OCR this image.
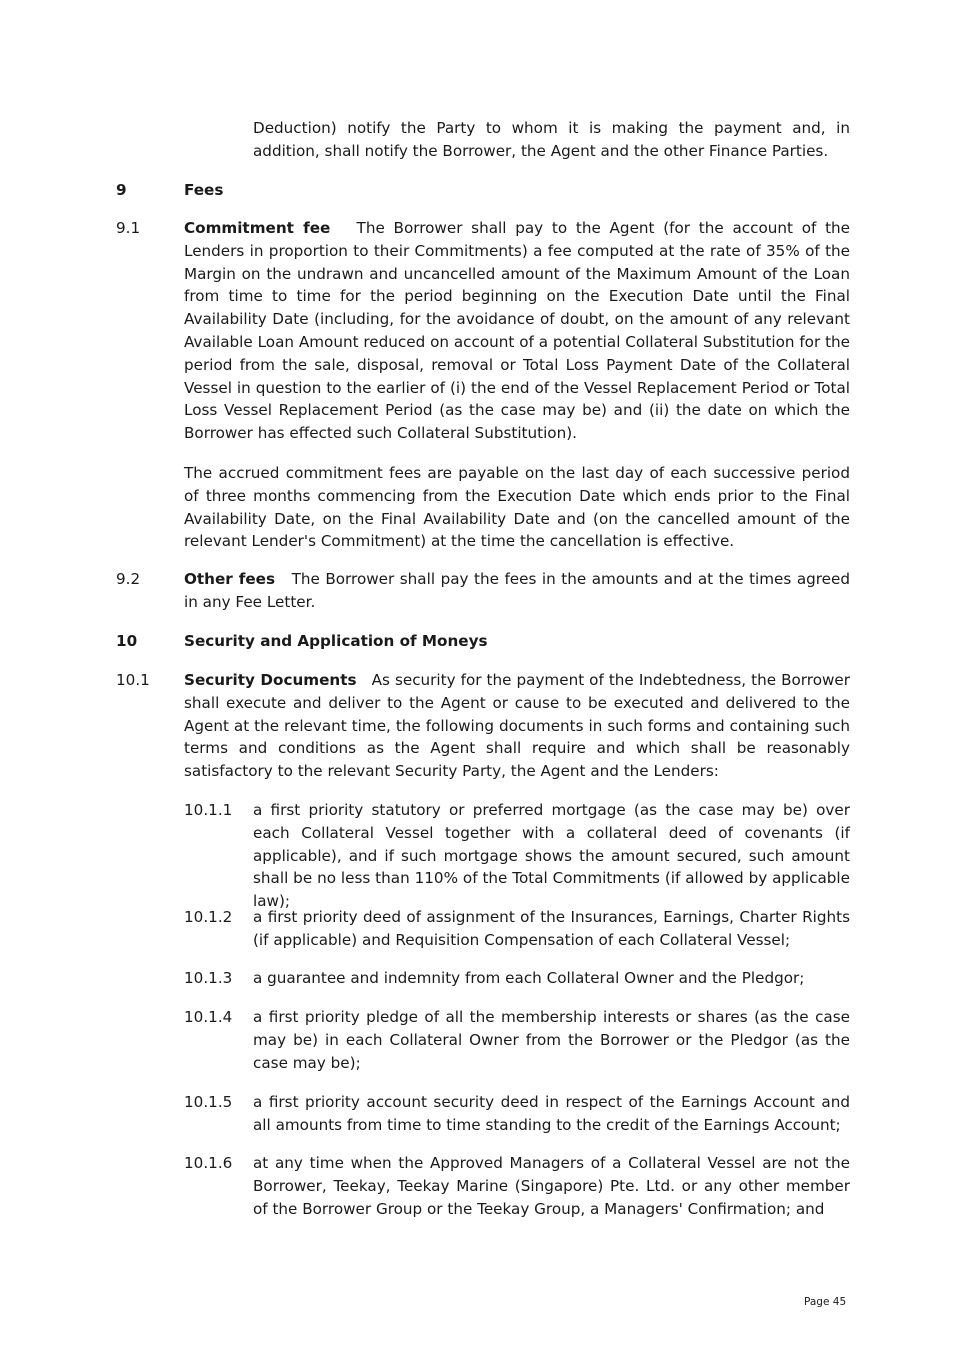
Deduction) notify the Party to whom it is making the payment and, in addition, shall notify the Borrower, the Agent and the other Finance Parties.

9	Fees
9.1	Commitment fee The Borrower shall pay to the Agent (for the account of the Lenders in proportion to their Commitments) a fee computed at the rate of 35% of the Margin on the undrawn and uncancelled amount of the Maximum Amount of the Loan from time to time for the period beginning on the Execution Date until the Final Availability Date (including, for the avoidance of doubt, on the amount of any relevant Available Loan Amount reduced on account of a potential Collateral Substitution for the period from the sale, disposal, removal or Total Loss Payment Date of the Collateral Vessel in question to the earlier of (i) the end of the Vessel Replacement Period or Total Loss Vessel Replacement Period (as the case may be) and (ii) the date on which the Borrower has effected such Collateral Substitution).

The accrued commitment fees are payable on the last day of each successive period of three months commencing from the Execution Date which ends prior to the Final Availability Date, on the Final Availability Date and (on the cancelled amount of the relevant Lender's Commitment) at the time the cancellation is effective.

9.2	Other fees The Borrower shall pay the fees in the amounts and at the times agreed in any Fee Letter.

10	Security and Application of Moneys
10.1 Security Documents As security for the payment of the Indebtedness, the Borrower shall execute and deliver to the Agent or cause to be executed and delivered to the Agent at the relevant time, the following documents in such forms and containing such terms and conditions as the Agent shall require and which shall be reasonably satisfactory to the relevant Security Party, the Agent and the Lenders:

10.1.1 a first priority statutory or preferred mortgage (as the case may be) over each Collateral Vessel together with a collateral deed of covenants (if applicable), and if such mortgage shows the amount secured, such amount shall be no less than 110% of the Total Commitments (if allowed by applicable law);

10.1.2 a first priority deed of assignment of the Insurances, Earnings, Charter Rights (if applicable) and Requisition Compensation of each Collateral Vessel;

10.1.3 a guarantee and indemnity from each Collateral Owner and the Pledgor;

10.1.4 a first priority pledge of all the membership interests or shares (as the case may be) in each Collateral Owner from the Borrower or the Pledgor (as the case may be);

10.1.5 a first priority account security deed in respect of the Earnings Account and all amounts from time to time standing to the credit of the Earnings Account;

10.1.6 at any time when the Approved Managers of a Collateral Vessel are not the Borrower, Teekay, Teekay Marine (Singapore) Pte. Ltd. or any other member of the Borrower Group or the Teekay Group, a Managers' Confirmation; and

Page 45
